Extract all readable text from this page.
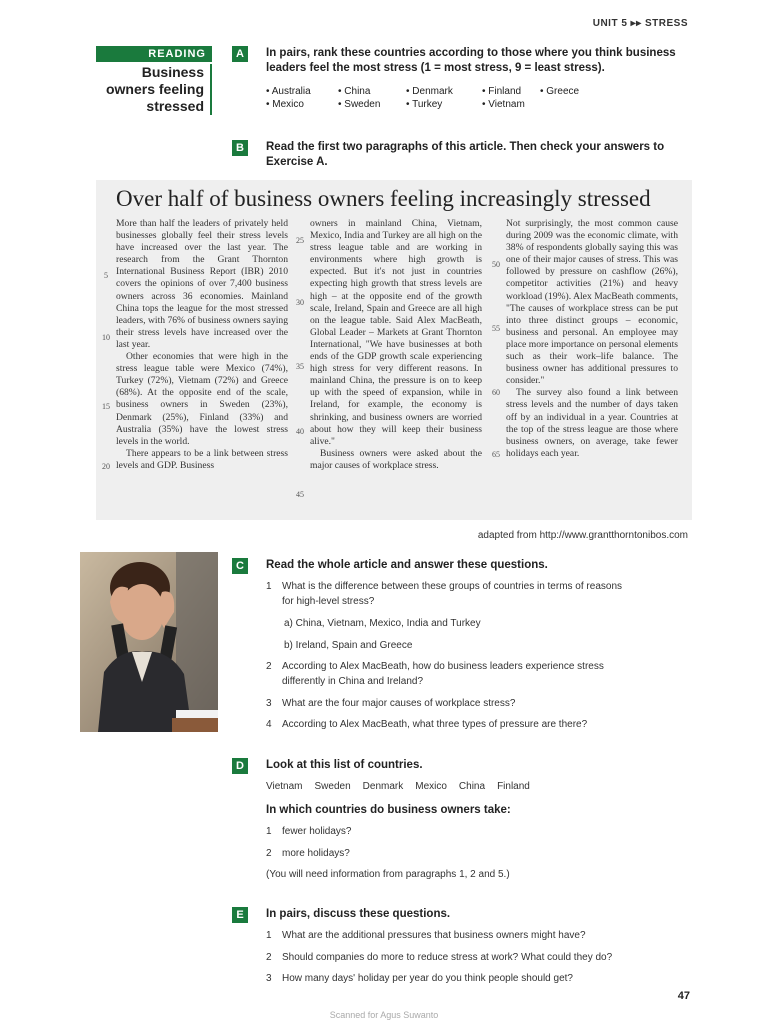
UNIT 5 ▸▸ STRESS
READING
Business
owners feeling
stressed
A	In pairs, rank these countries according to those where you think business
leaders feel the most stress (1 = most stress, 9 = least stress).
• Australia	• China	• Denmark	• Finland • Greece
• Mexico	• Sweden	• Turkey	• Vietnam
B	Read the first two paragraphs of this article. Then check your answers to
Exercise A.
Over half of business owners feeling increasingly stressed

More than half the leaders of privately held businesses globally feel their stress levels have increased over the last year. The research from the Grant Thornton International Business Report (IBR) 2010 covers the opinions of over 7,400 business owners across 36 economies. Mainland China tops the league for the most stressed leaders, with 76% of business owners saying their stress levels have increased over the last year.

Other economies that were high in the stress league table were Mexico (74%), Turkey (72%), Vietnam (72%) and Greece (68%). At the opposite end of the scale, business owners in Sweden (23%), Denmark (25%), Finland (33%) and Australia (35%) have the lowest stress levels in the world.

There appears to be a link between stress levels and GDP. Business

owners in mainland China, Vietnam, Mexico, India and Turkey are all high on the stress league table and are working in environments where high growth is expected. But it's not just in countries expecting high growth that stress levels are high – at the opposite end of the growth scale, Ireland, Spain and Greece are all high on the league table. Said Alex MacBeath, Global Leader – Markets at Grant Thornton International, "We have businesses at both ends of the GDP growth scale experiencing high stress for very different reasons. In mainland China, the pressure is on to keep up with the speed of expansion, while in Ireland, for example, the economy is shrinking, and business owners are worried about how they will keep their business alive."

Business owners were asked about the major causes of workplace stress.

Not surprisingly, the most common cause during 2009 was the economic climate, with 38% of respondents globally saying this was one of their major causes of stress. This was followed by pressure on cashflow (26%), competitor activities (21%) and heavy workload (19%). Alex MacBeath comments, "The causes of workplace stress can be put into three distinct groups – economic, business and personal. An employee may place more importance on personal elements such as their work–life balance. The business owner has additional pressures to consider."

The survey also found a link between stress levels and the number of days taken off by an individual in a year. Countries at the top of the stress league are those where business owners, on average, take fewer holidays each year.

5
10
15
20
25
30
35
40
45
50
55
60
65
adapted from http://www.grantthorntonibos.com
C	Read the whole article and answer these questions.
1 What is the difference between these groups of countries in terms of reasons
for high-level stress?
a) China, Vietnam, Mexico, India and Turkey
b) Ireland, Spain and Greece
2 According to Alex MacBeath, how do business leaders experience stress
differently in China and Ireland?
3 What are the four major causes of workplace stress?
4 According to Alex MacBeath, what three types of pressure are there?
D	Look at this list of countries.
Vietnam Sweden Denmark Mexico China Finland
In which countries do business owners take:
1 fewer holidays?
2 more holidays?
(You will need information from paragraphs 1, 2 and 5.)
E	In pairs, discuss these questions.
1 What are the additional pressures that business owners might have?
2 Should companies do more to reduce stress at work? What could they do?
3 How many days' holiday per year do you think people should get?
47
Scanned for Agus Suwanto
